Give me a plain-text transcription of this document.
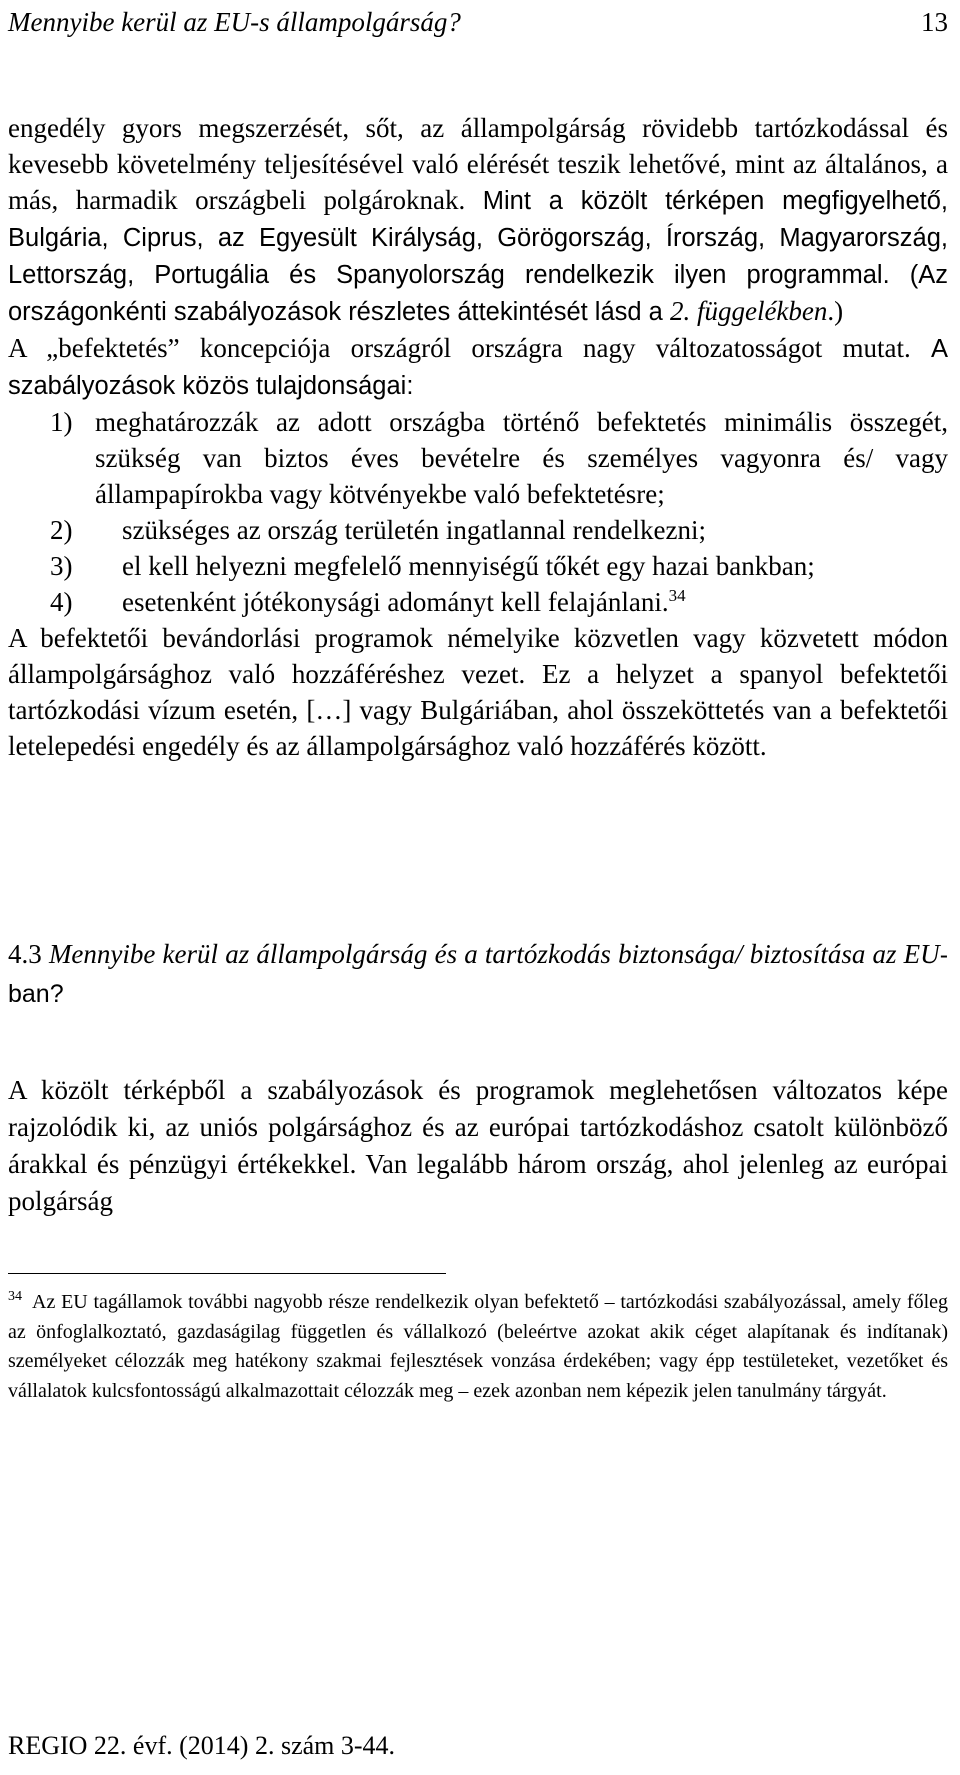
Mennyibe kerül az EU-s állampolgárság?	13

engedély gyors megszerzését, sőt, az állampolgárság rövidebb tartózkodással és kevesebb követelmény teljesítésével való elérését teszik lehetővé, mint az általános, a más, harmadik országbeli polgároknak. Mint a közölt térképen megfigyelhető, Bulgária, Ciprus, az Egyesült Királyság, Görögország, Írország, Magyarország, Lettország, Portugália és Spanyolország rendelkezik ilyen programmal. (Az országonkénti szabályozások részletes áttekintését lásd a 2. függelékben.)

A „befektetés” koncepciója országról országra nagy változatosságot mutat. A szabályozások közös tulajdonságai:

1) meghatározzák az adott országba történő befektetés minimális összegét, szükség van biztos éves bevételre és személyes vagyonra és/ vagy állampapírokba vagy kötvényekbe való befektetésre;
2)	szükséges az ország területén ingatlannal rendelkezni;
3)	el kell helyezni megfelelő mennyiségű tőkét egy hazai bankban;
4)	esetenként jótékonysági adományt kell felajánlani.$^{34}$

A befektetői bevándorlási programok némelyike közvetlen vagy közvetett módon állampolgársághoz való hozzáféréshez vezet. Ez a helyzet a spanyol befektetői tartózkodási vízum esetén, […] vagy Bulgáriában, ahol összeköttetés van a befektetői letelepedési engedély és az állampolgársághoz való hozzáférés között.

4.3 Mennyibe kerül az állampolgárság és a tartózkodás biztonsága/ biztosítása az EU-ban?

A közölt térképből a szabályozások és programok meglehetősen változatos képe rajzolódik ki, az uniós polgársághoz és az európai tartózkodáshoz csatolt különböző árakkal és pénzügyi értékekkel. Van legalább három ország, ahol jelenleg az európai polgárság

$^{34}$ Az EU tagállamok további nagyobb része rendelkezik olyan befektető – tartózkodási szabályozással, amely főleg az önfoglalkoztató, gazdaságilag független és vállalkozó (beleértve azokat akik céget alapítanak és indítanak) személyeket célozzák meg hatékony szakmai fejlesztések vonzása érdekében; vagy épp testületeket, vezetőket és vállalatok kulcsfontosságú alkalmazottait célozzák meg – ezek azonban nem képezik jelen tanulmány tárgyát.
REGIO 22. évf. (2014) 2. szám 3-44.
